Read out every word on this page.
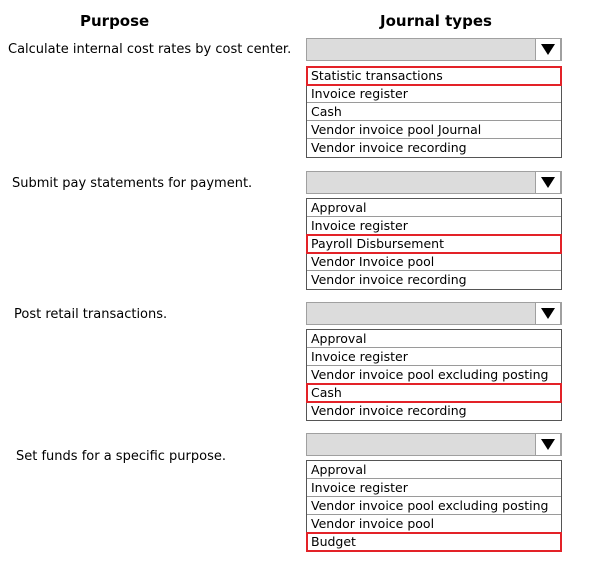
Purpose	Journal types
Calculate internal cost rates by cost center.
Statistic transactions
Invoice register
Cash
Vendor invoice pool Journal
Vendor invoice recording
Submit pay statements for payment.
Approval
Invoice register
Payroll Disbursement
Vendor Invoice pool
Vendor invoice recording
Post retail transactions.
Approval
Invoice register
Vendor invoice pool excluding posting
Cash
Vendor invoice recording
Set funds for a specific purpose.
Approval
Invoice register
Vendor invoice pool excluding posting
Vendor invoice pool
Budget
